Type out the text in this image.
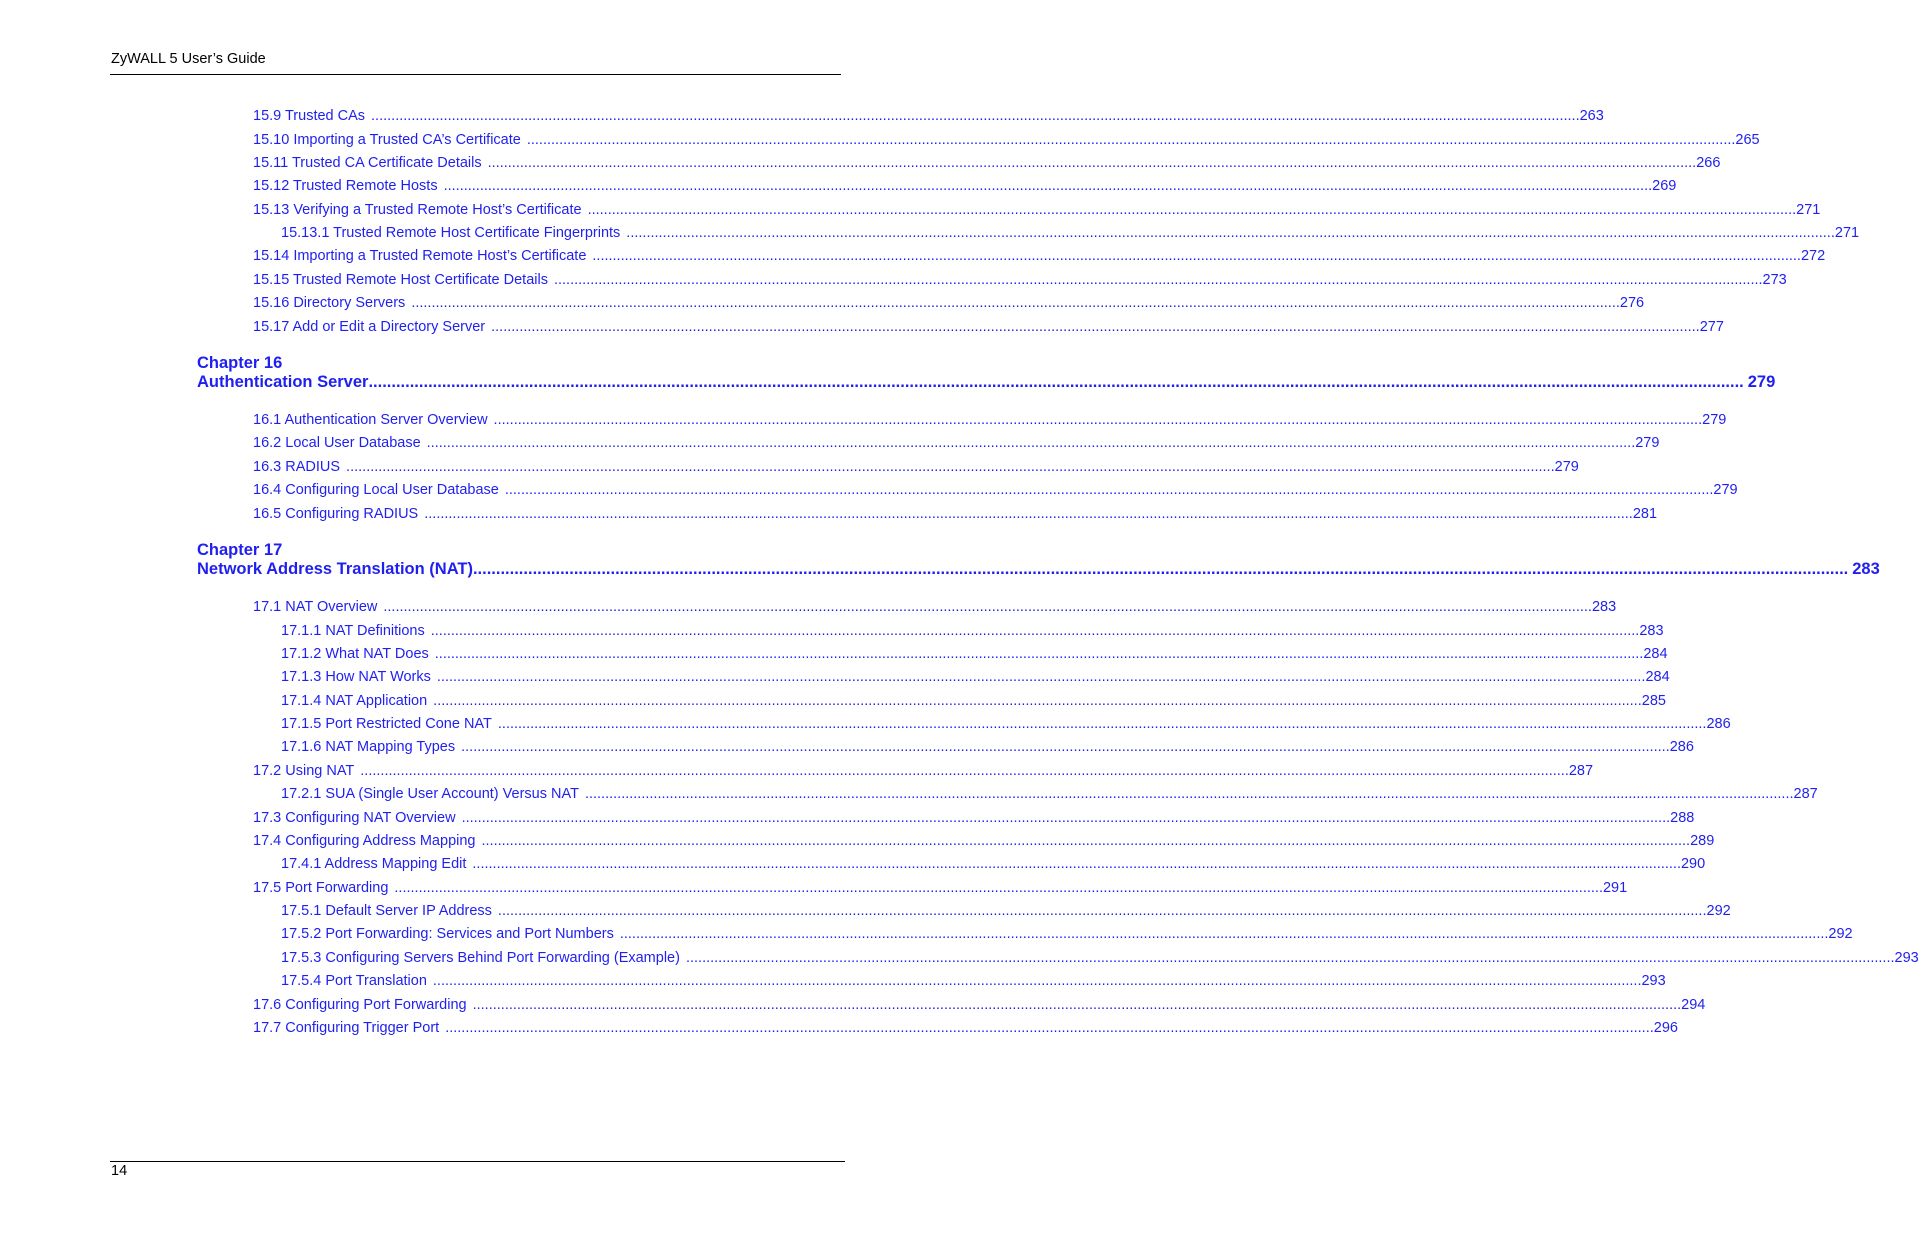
ZyWALL 5 User’s Guide
15.9 Trusted CAs ............................................................................................................................................................................................................................................................................................................ 263
15.10 Importing a Trusted CA’s Certificate ............................................................................................................................................................................................................................................................................................................ 265
15.11 Trusted CA Certificate Details ............................................................................................................................................................................................................................................................................................................ 266
15.12 Trusted Remote Hosts ............................................................................................................................................................................................................................................................................................................ 269
15.13 Verifying a Trusted Remote Host’s Certificate ............................................................................................................................................................................................................................................................................................................ 271
15.13.1 Trusted Remote Host Certificate Fingerprints ............................................................................................................................................................................................................................................................................................................ 271
15.14 Importing a Trusted Remote Host’s Certificate ............................................................................................................................................................................................................................................................................................................ 272
15.15 Trusted Remote Host Certificate Details ............................................................................................................................................................................................................................................................................................................ 273
15.16 Directory Servers ............................................................................................................................................................................................................................................................................................................ 276
15.17 Add or Edit a Directory Server ............................................................................................................................................................................................................................................................................................................ 277
Chapter 16
Authentication Server ............................................................................................................................................................................................................................................................................................................ 279
16.1 Authentication Server Overview ............................................................................................................................................................................................................................................................................................................ 279
16.2 Local User Database ............................................................................................................................................................................................................................................................................................................ 279
16.3 RADIUS ............................................................................................................................................................................................................................................................................................................ 279
16.4 Configuring Local User Database ............................................................................................................................................................................................................................................................................................................ 279
16.5 Configuring RADIUS ............................................................................................................................................................................................................................................................................................................ 281
Chapter 17
Network Address Translation (NAT) ............................................................................................................................................................................................................................................................................................................ 283
17.1 NAT Overview ............................................................................................................................................................................................................................................................................................................ 283
17.1.1 NAT Definitions ............................................................................................................................................................................................................................................................................................................ 283
17.1.2 What NAT Does ............................................................................................................................................................................................................................................................................................................ 284
17.1.3 How NAT Works ............................................................................................................................................................................................................................................................................................................ 284
17.1.4 NAT Application ............................................................................................................................................................................................................................................................................................................ 285
17.1.5 Port Restricted Cone NAT ............................................................................................................................................................................................................................................................................................................ 286
17.1.6 NAT Mapping Types ............................................................................................................................................................................................................................................................................................................ 286
17.2 Using NAT ............................................................................................................................................................................................................................................................................................................ 287
17.2.1 SUA (Single User Account) Versus NAT ............................................................................................................................................................................................................................................................................................................ 287
17.3 Configuring NAT Overview ............................................................................................................................................................................................................................................................................................................ 288
17.4 Configuring Address Mapping ............................................................................................................................................................................................................................................................................................................ 289
17.4.1 Address Mapping Edit ............................................................................................................................................................................................................................................................................................................ 290
17.5 Port Forwarding ............................................................................................................................................................................................................................................................................................................ 291
17.5.1 Default Server IP Address ............................................................................................................................................................................................................................................................................................................ 292
17.5.2 Port Forwarding: Services and Port Numbers ............................................................................................................................................................................................................................................................................................................ 292
17.5.3 Configuring Servers Behind Port Forwarding (Example) ............................................................................................................................................................................................................................................................................................................ 293
17.5.4 Port Translation ............................................................................................................................................................................................................................................................................................................ 293
17.6 Configuring Port Forwarding ............................................................................................................................................................................................................................................................................................................ 294
17.7 Configuring Trigger Port ............................................................................................................................................................................................................................................................................................................ 296
14
